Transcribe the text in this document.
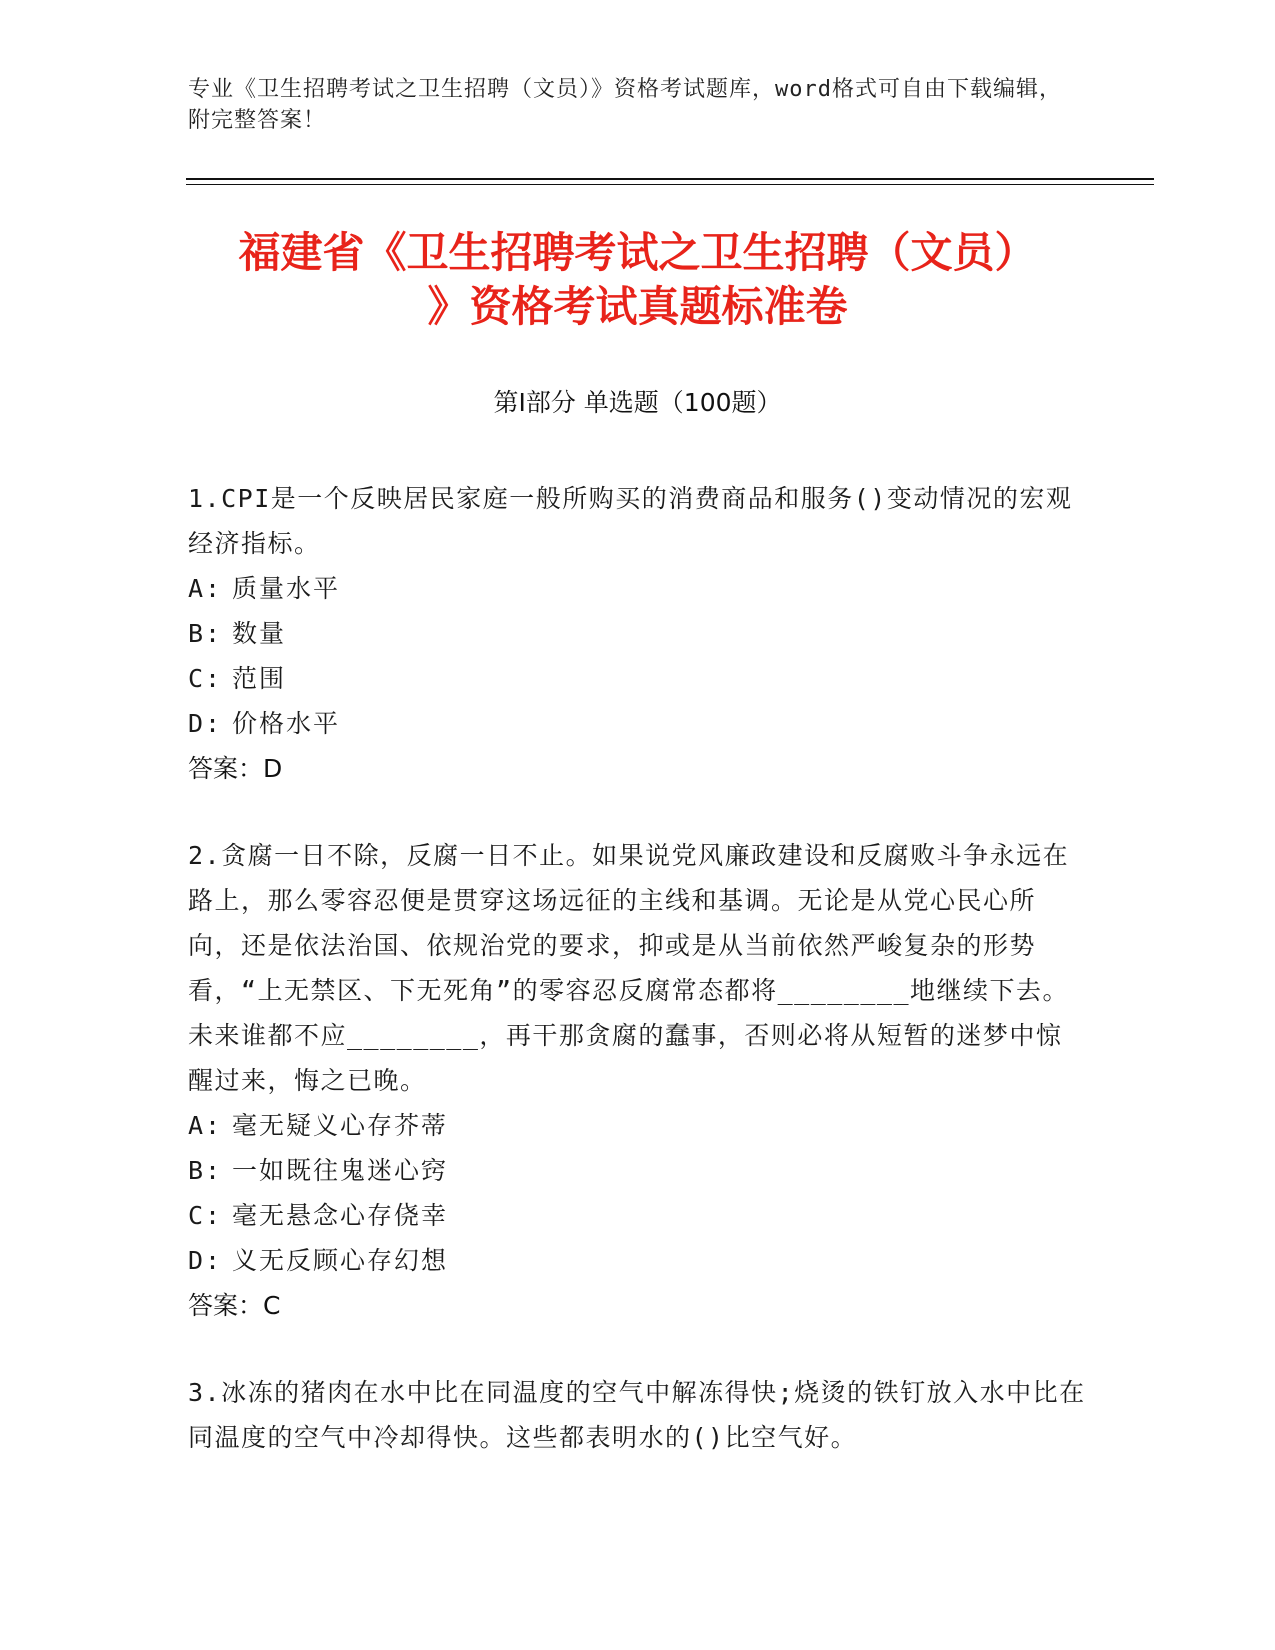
专业《卫生招聘考试之卫生招聘（文员）》资格考试题库，word格式可自由下载编辑，附完整答案！
福建省《卫生招聘考试之卫生招聘（文员）
》资格考试真题标准卷
第Ⅰ部分 单选题（100题）
1.CPI是一个反映居民家庭一般所购买的消费商品和服务()变动情况的宏观经济指标。
A: 质量水平
B: 数量
C: 范围
D: 价格水平
答案：D
2.贪腐一日不除，反腐一日不止。如果说党风廉政建设和反腐败斗争永远在路上，那么零容忍便是贯穿这场远征的主线和基调。无论是从党心民心所向，还是依法治国、依规治党的要求，抑或是从当前依然严峻复杂的形势看，“上无禁区、下无死角”的零容忍反腐常态都将________地继续下去。未来谁都不应________，再干那贪腐的蠢事，否则必将从短暂的迷梦中惊醒过来，悔之已晚。
A: 毫无疑义心存芥蒂
B: 一如既往鬼迷心窍
C: 毫无悬念心存侥幸
D: 义无反顾心存幻想
答案：C
3.冰冻的猪肉在水中比在同温度的空气中解冻得快;烧烫的铁钉放入水中比在同温度的空气中冷却得快。这些都表明水的()比空气好。
